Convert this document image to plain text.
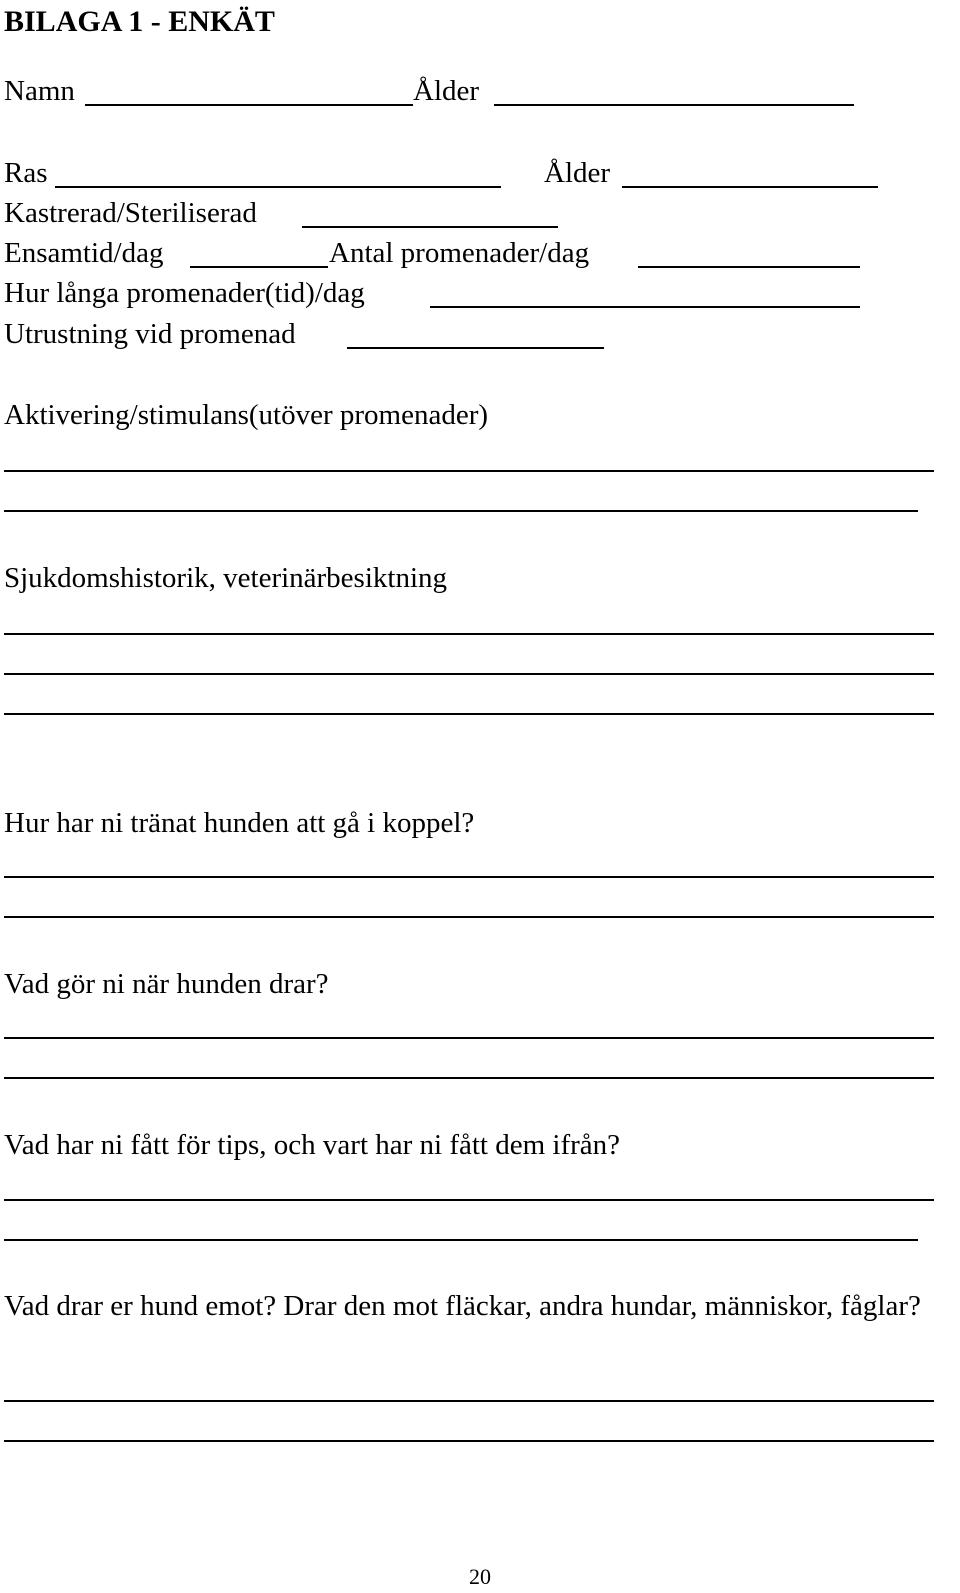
BILAGA 1 - ENKÄT
Namn	Ålder
Ras	Ålder
Kastrerad/Steriliserad
Ensamtid/dag	Antal promenader/dag
Hur långa promenader(tid)/dag
Utrustning vid promenad
Aktivering/stimulans(utöver promenader)
Sjukdomshistorik, veterinärbesiktning
Hur har ni tränat hunden att gå i koppel?
Vad gör ni när hunden drar?
Vad har ni fått för tips, och vart har ni fått dem ifrån?
Vad drar er hund emot? Drar den mot fläckar, andra hundar, människor, fåglar?
20
